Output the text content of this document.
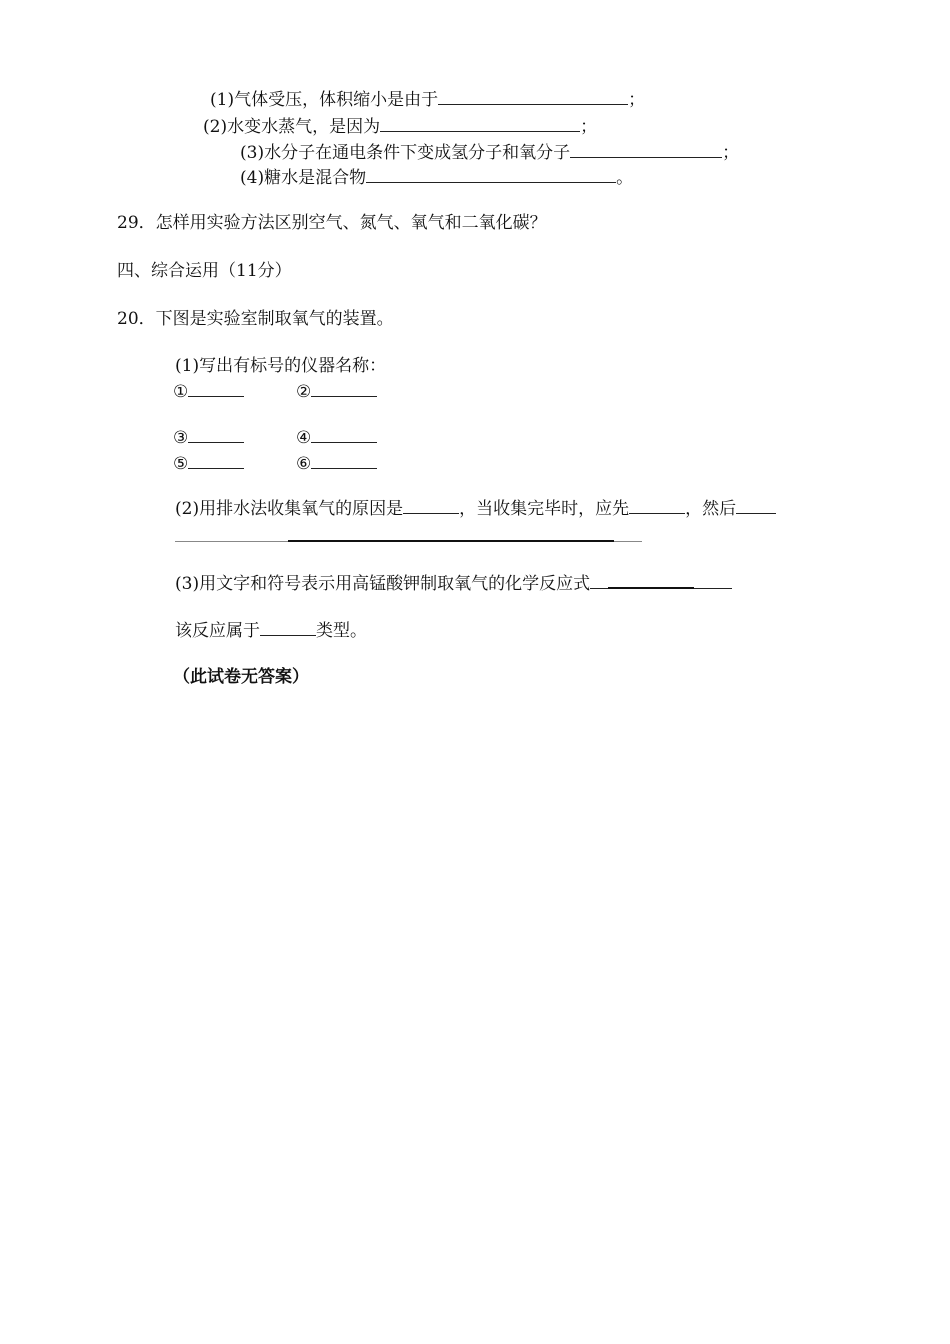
(1)气体受压，体积缩小是由于	；
(2)水变水蒸气，是因为	；
(3)水分子在通电条件下变成氢分子和氧分子	；
(4)糖水是混合物	。
29．怎样用实验方法区别空气、氮气、氧气和二氧化碳？
四、综合运用（11分）
20．下图是实验室制取氧气的装置。
(1)写出有标号的仪器名称：
①	②
③	④
⑤	⑥
(2)用排水法收集氧气的原因是	，当收集完毕时，应先	，然后
(3)用文字和符号表示用高锰酸钾制取氧气的化学反应式
该反应属于	类型。
（此试卷无答案）
